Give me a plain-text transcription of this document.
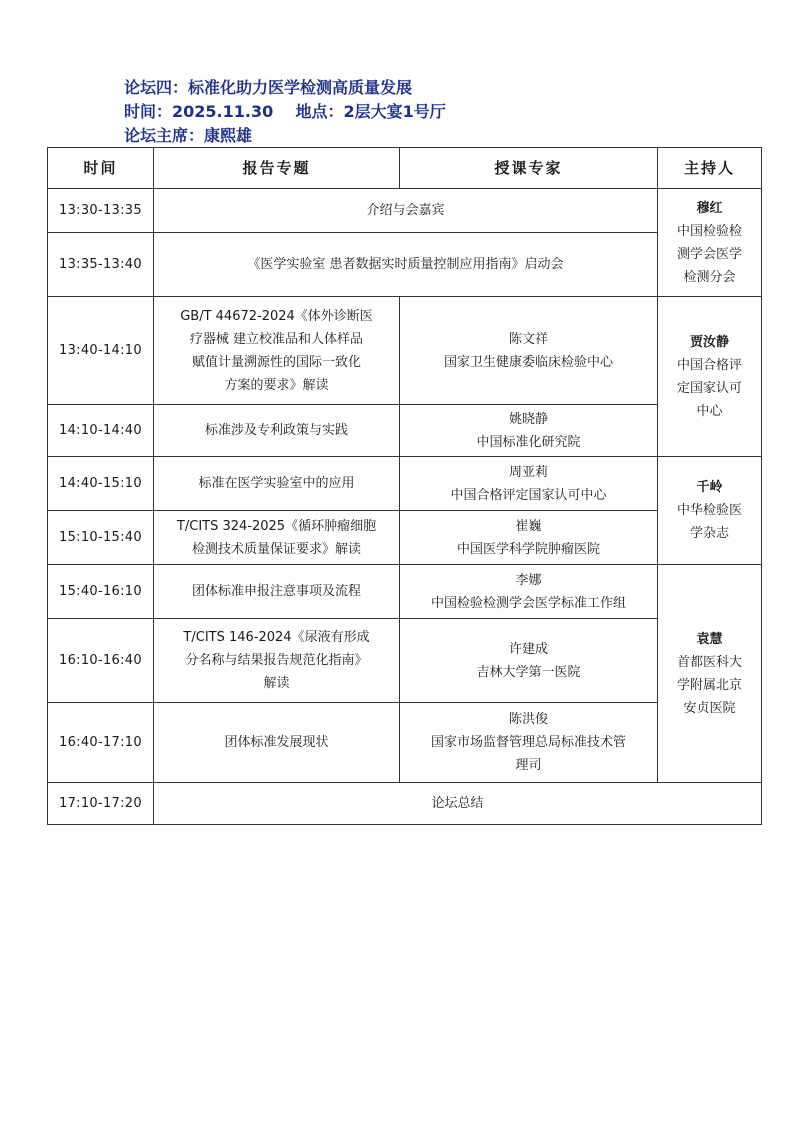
论坛四：标准化助力医学检测高质量发展
时间：2025.11.30    地点：2层大宴1号厅
论坛主席：康熙雄
时间	报告专题	授课专家	主持人
13:30-13:35	介绍与会嘉宾		穆红
中国检验检
测学会医学
检测分会

13:35-13:40	《医学实验室 患者数据实时质量控制应用指南》启动会		
13:40-14:10	GB/T 44672-2024《体外诊断医
疗器械 建立校准品和人体样品
赋值计量溯源性的国际一致化
方案的要求》解读	陈文祥
国家卫生健康委临床检验中心	贾汝静
中国合格评
定国家认可
中心

14:10-14:40	标准涉及专利政策与实践	姚晓静
中国标准化研究院	

14:40-15:10	标准在医学实验室中的应用	周亚莉
中国合格评定国家认可中心	千岭
中华检验医
学杂志

15:10-15:40	T/CITS 324-2025《循环肿瘤细胞
检测技术质量保证要求》解读	崔巍
中国医学科学院肿瘤医院	

15:40-16:10	团体标准申报注意事项及流程	李娜
中国检验检测学会医学标准工作组	袁慧
首都医科大
学附属北京
安贞医院

16:10-16:40	T/CITS 146-2024《尿液有形成
分名称与结果报告规范化指南》
解读	许建成
吉林大学第一医院	

16:40-17:10	团体标准发展现状	陈洪俊
国家市场监督管理总局标准技术管
理司	

17:10-17:20	论坛总结		
